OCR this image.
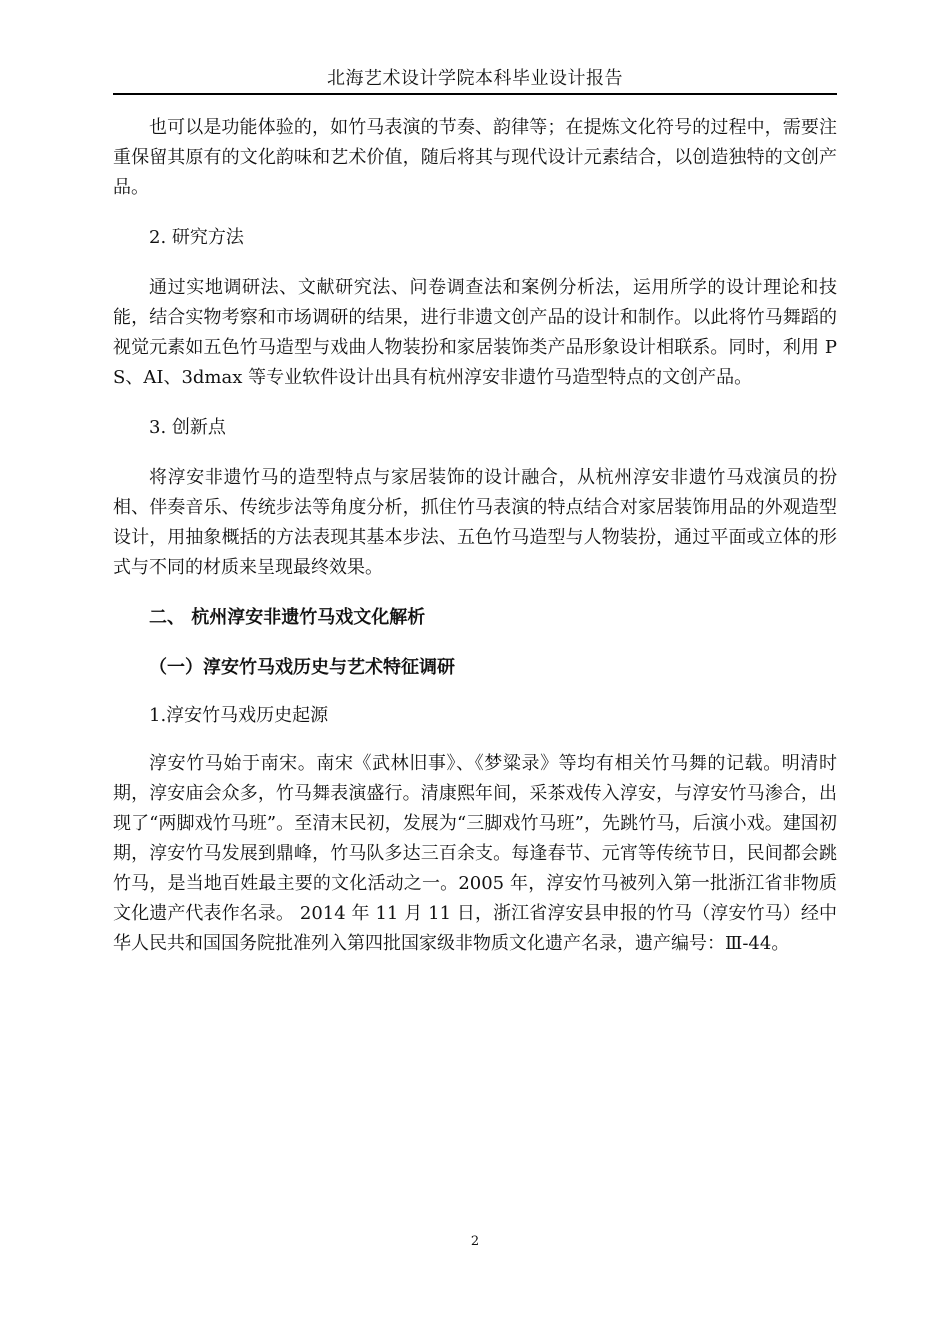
北海艺术设计学院本科毕业设计报告

也可以是功能体验的，如竹马表演的节奏、韵律等；在提炼文化符号的过程中，需要注重保留其原有的文化韵味和艺术价值，随后将其与现代设计元素结合，以创造独特的文创产品。

2. 研究方法

通过实地调研法、文献研究法、问卷调查法和案例分析法，运用所学的设计理论和技能，结合实物考察和市场调研的结果，进行非遗文创产品的设计和制作。以此将竹马舞蹈的视觉元素如五色竹马造型与戏曲人物装扮和家居装饰类产品形象设计相联系。同时，利用 PS、AI、3dmax 等专业软件设计出具有杭州淳安非遗竹马造型特点的文创产品。

3. 创新点

将淳安非遗竹马的造型特点与家居装饰的设计融合，从杭州淳安非遗竹马戏演员的扮相、伴奏音乐、传统步法等角度分析，抓住竹马表演的特点结合对家居装饰用品的外观造型设计，用抽象概括的方法表现其基本步法、五色竹马造型与人物装扮，通过平面或立体的形式与不同的材质来呈现最终效果。

二、 杭州淳安非遗竹马戏文化解析

（一）淳安竹马戏历史与艺术特征调研

1.淳安竹马戏历史起源

淳安竹马始于南宋。南宋《武林旧事》、《梦粱录》等均有相关竹马舞的记载。明清时期，淳安庙会众多，竹马舞表演盛行。清康熙年间，采茶戏传入淳安，与淳安竹马渗合，出现了“两脚戏竹马班”。至清末民初，发展为“三脚戏竹马班”，先跳竹马，后演小戏。建国初期，淳安竹马发展到鼎峰，竹马队多达三百余支。每逢春节、元宵等传统节日，民间都会跳竹马，是当地百姓最主要的文化活动之一。2005 年，淳安竹马被列入第一批浙江省非物质文化遗产代表作名录。 2014 年 11 月 11 日，浙江省淳安县申报的竹马（淳安竹马）经中华人民共和国国务院批准列入第四批国家级非物质文化遗产名录，遗产编号：Ⅲ-44。

2
